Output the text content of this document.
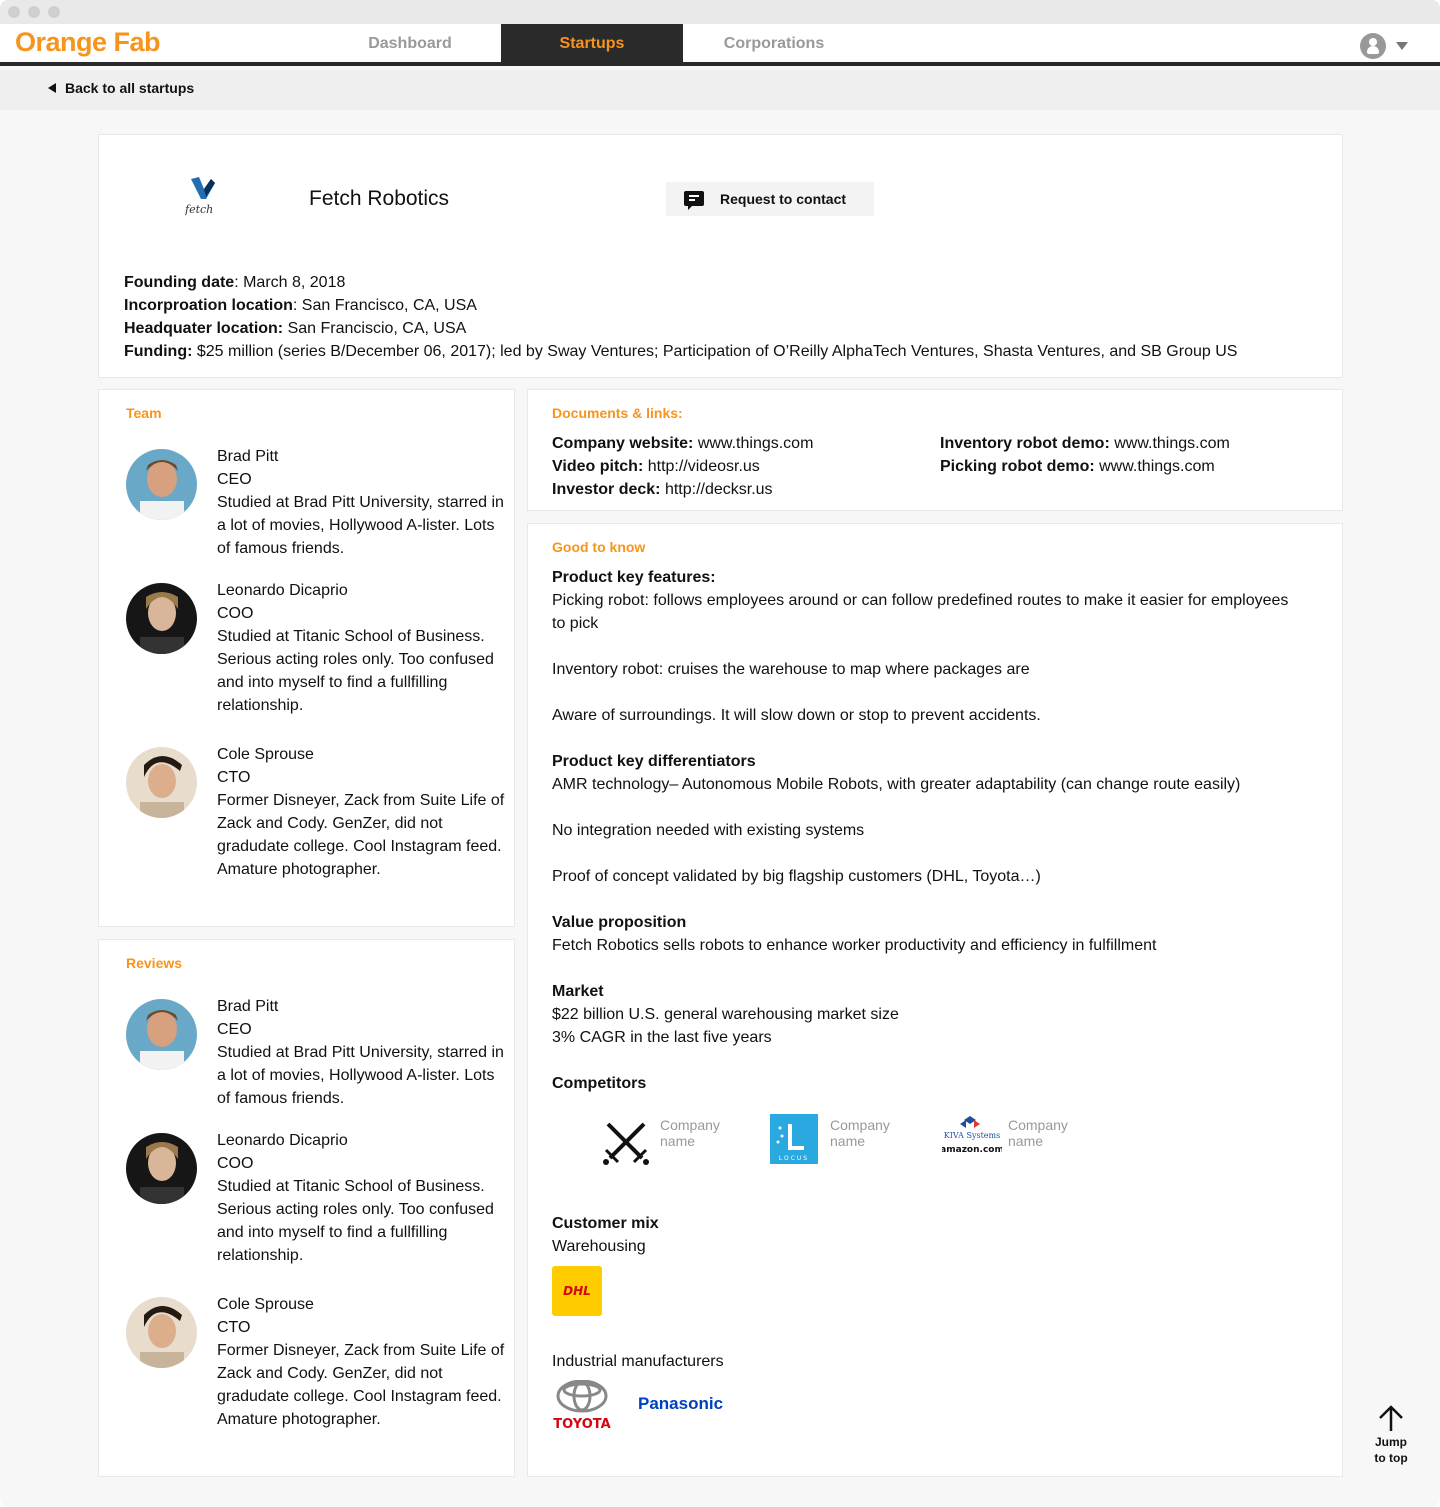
Orange Fab	Dashboard	Startups	Corporations
Back to all startups
fetch	Fetch Robotics	Request to contact
Founding date: March 8, 2018
Incorproation location: San Francisco, CA, USA
Headquater location: San Franciscio, CA, USA
Funding: $25 million (series B/December 06, 2017); led by Sway Ventures; Participation of O’Reilly AlphaTech Ventures, Shasta Ventures, and SB Group US
Team
Brad Pitt
CEO
Studied at Brad Pitt University, starred in a lot of movies, Hollywood A-lister. Lots of famous friends.
Leonardo Dicaprio
COO
Studied at Titanic School of Business. Serious acting roles only. Too confused and into myself to find a fullfilling relationship.
Cole Sprouse
CTO
Former Disneyer, Zack from Suite Life of Zack and Cody. GenZer, did not gradudate college. Cool Instagram feed. Amature photographer.
Reviews
Brad Pitt
CEO
Studied at Brad Pitt University, starred in a lot of movies, Hollywood A-lister. Lots of famous friends.
Leonardo Dicaprio
COO
Studied at Titanic School of Business. Serious acting roles only. Too confused and into myself to find a fullfilling relationship.
Cole Sprouse
CTO
Former Disneyer, Zack from Suite Life of Zack and Cody. GenZer, did not gradudate college. Cool Instagram feed. Amature photographer.
Documents & links:
Company website: www.things.com
Video pitch: http://videosr.us
Investor deck: http://decksr.us
Inventory robot demo: www.things.com
Picking robot demo: www.things.com
Good to know
Product key features:
Picking robot: follows employees around or can follow predefined routes to make it easier for employees to pick
Inventory robot: cruises the warehouse to map where packages are
Aware of surroundings. It will slow down or stop to prevent accidents.
Product key differentiators
AMR technology– Autonomous Mobile Robots, with greater adaptability (can change route easily)
No integration needed with existing systems
Proof of concept validated by big flagship customers (DHL, Toyota…)
Value proposition
Fetch Robotics sells robots to enhance worker productivity and efficiency in fulfillment
Market
$22 billion U.S. general warehousing market size
3% CAGR in the last five years
Competitors
Company name
LOCUS
Company name	KIVA Systems
amazon.com
Company name
Customer mix
Warehousing
DHL
Industrial manufacturers
TOYOTA
Panasonic
Jump
to top
